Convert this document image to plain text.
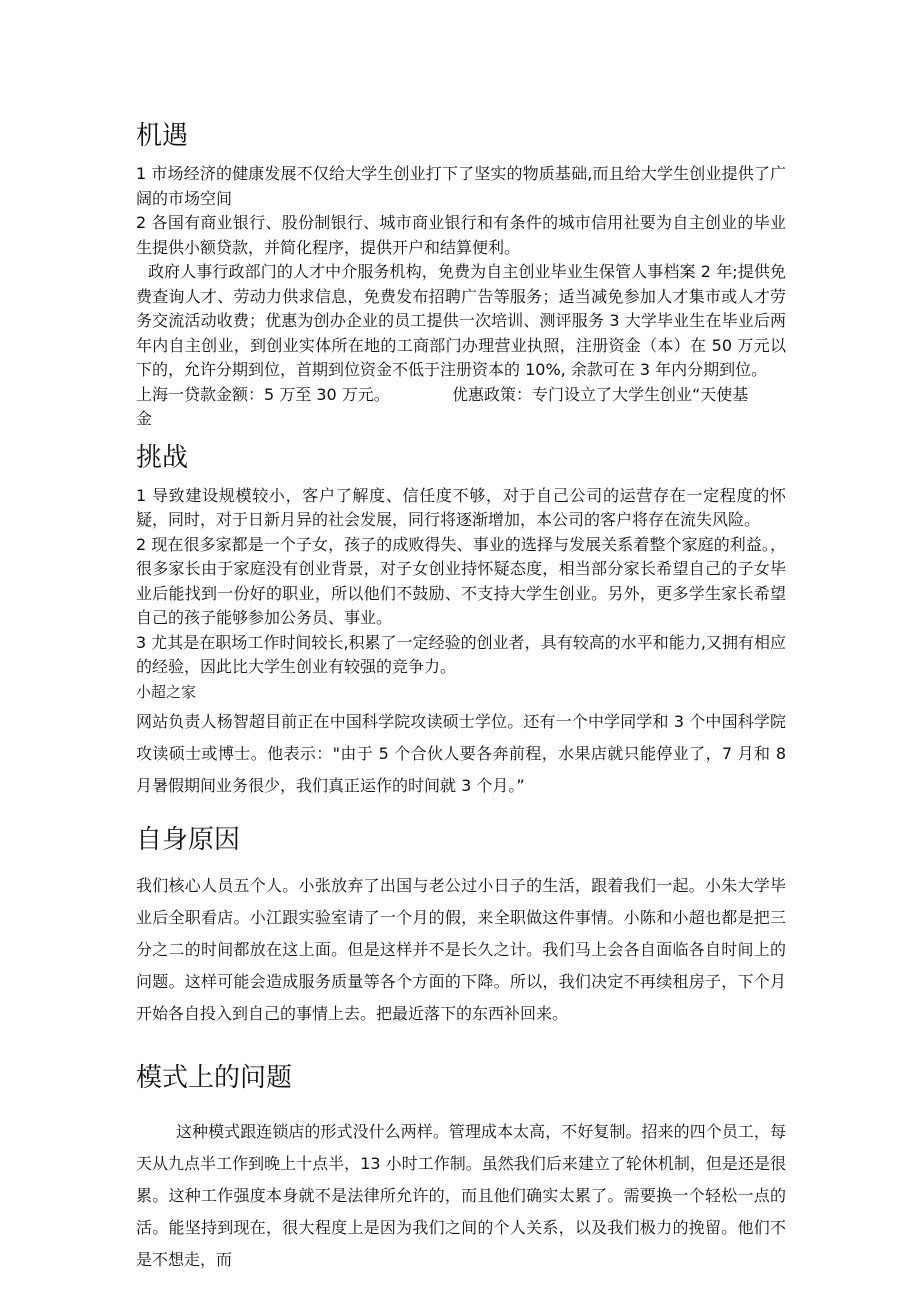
机遇

1 市场经济的健康发展不仅给大学生创业打下了坚实的物质基础,而且给大学生创业提供了广阔的市场空间

2 各国有商业银行、股份制银行、城市商业银行和有条件的城市信用社要为自主创业的毕业生提供小额贷款，并简化程序，提供开户和结算便利。

政府人事行政部门的人才中介服务机构，免费为自主创业毕业生保管人事档案 2 年;提供免费查询人才、劳动力供求信息，免费发布招聘广告等服务；适当减免参加人才集市或人才劳务交流活动收费；优惠为创办企业的员工提供一次培训、测评服务 3 大学毕业生在毕业后两年内自主创业，到创业实体所在地的工商部门办理营业执照，注册资金（本）在 50 万元以下的，允许分期到位，首期到位资金不低于注册资本的 10%, 余款可在 3 年内分期到位。

上海一贷款金额：5 万至 30 万元。	优惠政策：专门设立了大学生创业“天使基

金

挑战

1 导致建设规模较小，客户了解度、信任度不够，对于自己公司的运营存在一定程度的怀疑，同时，对于日新月异的社会发展，同行将逐渐增加，本公司的客户将存在流失风险。

2 现在很多家都是一个子女，孩子的成败得失、事业的选择与发展关系着整个家庭的利益。，很多家长由于家庭没有创业背景，对子女创业持怀疑态度，相当部分家长希望自己的子女毕业后能找到一份好的职业，所以他们不鼓励、不支持大学生创业。另外，更多学生家长希望自己的孩子能够参加公务员、事业。

3 尤其是在职场工作时间较长,积累了一定经验的创业者，具有较高的水平和能力,又拥有相应的经验，因此比大学生创业有较强的竞争力。

小超之家

网站负责人杨智超目前正在中国科学院攻读硕士学位。还有一个中学同学和 3 个中国科学院攻读硕士或博士。他表示："由于 5 个合伙人要各奔前程，水果店就只能停业了，7 月和 8 月暑假期间业务很少，我们真正运作的时间就 3 个月。”

自身原因

我们核心人员五个人。小张放弃了出国与老公过小日子的生活，跟着我们一起。小朱大学毕业后全职看店。小江跟实验室请了一个月的假，来全职做这件事情。小陈和小超也都是把三分之二的时间都放在这上面。但是这样并不是长久之计。我们马上会各自面临各自时间上的问题。这样可能会造成服务质量等各个方面的下降。所以，我们决定不再续租房子，下个月开始各自投入到自己的事情上去。把最近落下的东西补回来。

模式上的问题

这种模式跟连锁店的形式没什么两样。管理成本太高，不好复制。招来的四个员工，每天从九点半工作到晚上十点半，13 小时工作制。虽然我们后来建立了轮休机制，但是还是很累。这种工作强度本身就不是法律所允许的，而且他们确实太累了。需要换一个轻松一点的活。能坚持到现在，很大程度上是因为我们之间的个人关系，以及我们极力的挽留。他们不是不想走，而
